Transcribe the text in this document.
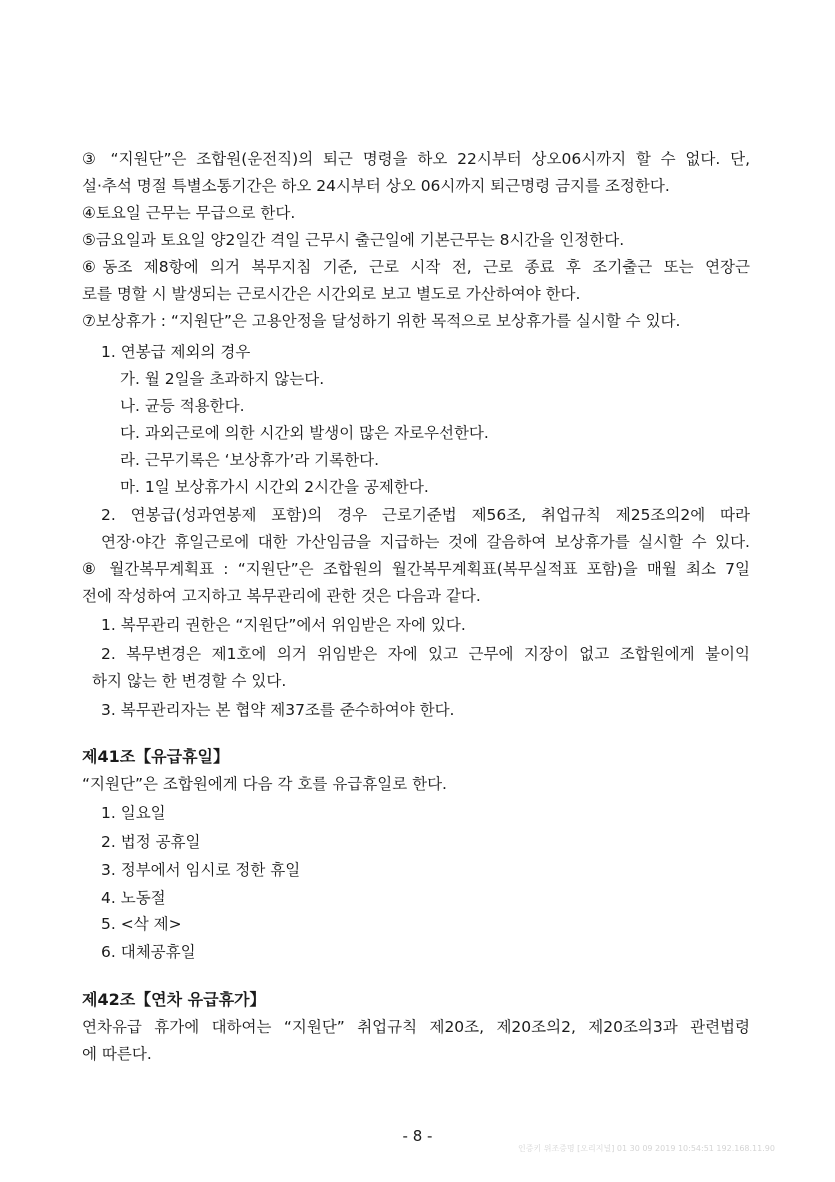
③ “지원단”은 조합원(운전직)의 퇴근 명령을 하오 22시부터 상오06시까지 할 수 없다. 단,
설·추석 명절 특별소통기간은 하오 24시부터 상오 06시까지 퇴근명령 금지를 조정한다.
④토요일 근무는 무급으로 한다.
⑤금요일과 토요일 양2일간 격일 근무시 출근일에 기본근무는 8시간을 인정한다.
⑥동조 제8항에 의거 복무지침 기준, 근로 시작 전, 근로 종료 후 조기출근 또는 연장근
로를 명할 시 발생되는 근로시간은 시간외로 보고 별도로 가산하여야 한다.
⑦보상휴가 : “지원단”은 고용안정을 달성하기 위한 목적으로 보상휴가를 실시할 수 있다.
1. 연봉급 제외의 경우
가. 월 2일을 초과하지 않는다.
나. 균등 적용한다.
다. 과외근로에 의한 시간외 발생이 많은 자로우선한다.
라. 근무기록은 ‘보상휴가’라 기록한다.
마. 1일 보상휴가시 시간외 2시간을 공제한다.
2. 연봉급(성과연봉제 포함)의 경우 근로기준법 제56조, 취업규칙 제25조의2에 따라
연장·야간 휴일근로에 대한 가산임금을 지급하는 것에 갈음하여 보상휴가를 실시할 수 있다.
⑧ 월간복무계획표 : “지원단”은 조합원의 월간복무계획표(복무실적표 포함)을 매월 최소 7일
전에 작성하여 고지하고 복무관리에 관한 것은 다음과 같다.
1. 복무관리 권한은 “지원단”에서 위임받은 자에 있다.
2. 복무변경은 제1호에 의거 위임받은 자에 있고 근무에 지장이 없고 조합원에게 불이익
하지 않는 한 변경할 수 있다.
3. 복무관리자는 본 협약 제37조를 준수하여야 한다.
제41조【유급휴일】
“지원단”은 조합원에게 다음 각 호를 유급휴일로 한다.
1. 일요일
2. 법정 공휴일
3. 정부에서 임시로 정한 휴일
4. 노동절
5. <삭 제>
6. 대체공휴일
제42조【연차 유급휴가】
연차유급 휴가에 대하여는 “지원단” 취업규칙 제20조, 제20조의2, 제20조의3과 관련법령
에 따른다.
- 8 -
인증키 위조증명 [오리지널] 01 30 09 2019 10:54:51 192.168.11.90
